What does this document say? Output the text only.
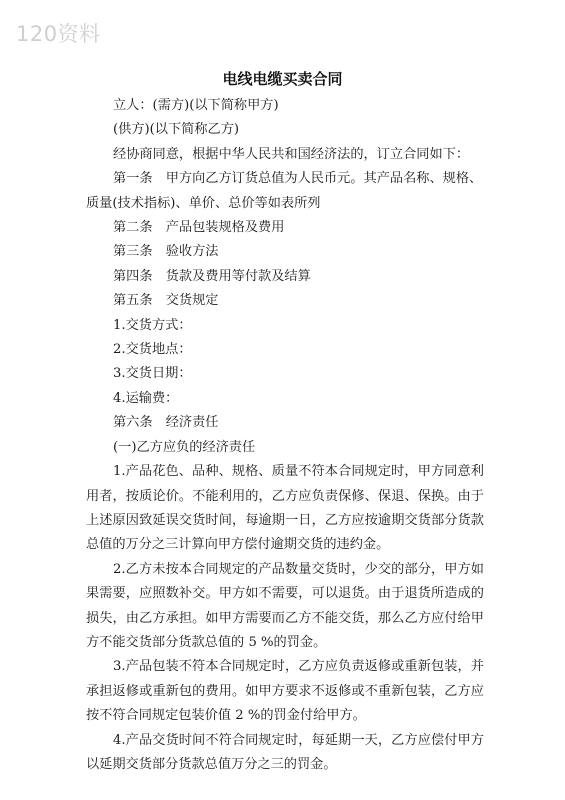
120资料
电线电缆买卖合同

立人：(需方)(以下简称甲方)

(供方)(以下简称乙方)

经协商同意，根据中华人民共和国经济法的，订立合同如下：

第一条　甲方向乙方订货总值为人民币元。其产品名称、规格、质量(技术指标)、单价、总价等如表所列

第二条　产品包装规格及费用

第三条　验收方法

第四条　货款及费用等付款及结算

第五条　交货规定

1.交货方式：

2.交货地点：

3.交货日期：

4.运输费：

第六条　经济责任

(一)乙方应负的经济责任

1.产品花色、品种、规格、质量不符本合同规定时，甲方同意利用者，按质论价。不能利用的，乙方应负责保修、保退、保换。由于上述原因致延误交货时间，每逾期一日，乙方应按逾期交货部分货款总值的万分之三计算向甲方偿付逾期交货的违约金。

2.乙方未按本合同规定的产品数量交货时，少交的部分，甲方如果需要，应照数补交。甲方如不需要，可以退货。由于退货所造成的损失，由乙方承担。如甲方需要而乙方不能交货，那么乙方应付给甲方不能交货部分货款总值的 5 %的罚金。

3.产品包装不符本合同规定时，乙方应负责返修或重新包装，并承担返修或重新包的费用。如甲方要求不返修或不重新包装，乙方应按不符合同规定包装价值 2 %的罚金付给甲方。

4.产品交货时间不符合同规定时，每延期一天，乙方应偿付甲方以延期交货部分货款总值万分之三的罚金。
